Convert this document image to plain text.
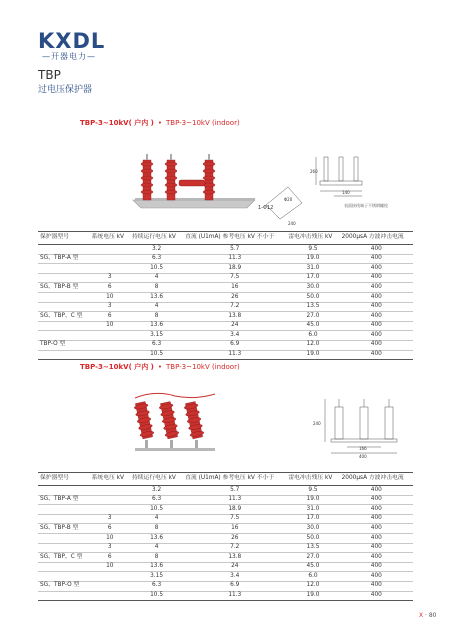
KXDL
—开器电力—
TBP
过电压保护器
TBP-3~10kV( 户内 ) • TBP-3~10kV (indoor)
1-Φ12
Φ20
240
260
140
表面接线端子不锈钢螺栓
保护器型号	系统电压 kV	持续运行电压 kV	直流 (U1mA) 参考电压 kV 不小于	雷电冲击残压 kV	2000μsA 方波冲击电流
		3.2	5.7	9.5	400
SG、TBP-A 型		6.3	11.3	19.0	400
		10.5	18.9	31.0	400
	3	4	7.5	17.0	400
SG、TBP-B 型	6	8	16	30.0	400
	10	13.6	26	50.0	400
	3	4	7.2	13.5	400
SG、TBP、C 型	6	8	13.8	27.0	400
	10	13.6	24	45.0	400
		3.15	3.4	6.0	400
TBP-O 型		6.3	6.9	12.0	400
		10.5	11.3	19.0	400
TBP-3~10kV( 户内 ) • TBP-3~10kV (indoor)
240
166
400
保护器型号	系统电压 kV	持续运行电压 kV	直流 (U1mA) 参考电压 kV 不小于	雷电冲击残压 kV	2000μsA 方波冲击电流
		3.2	5.7	9.5	400
SG、TBP-A 型		6.3	11.3	19.0	400
		10.5	18.9	31.0	400
	3	4	7.5	17.0	400
SG、TBP-B 型	6	8	16	30.0	400
	10	13.6	26	50.0	400
	3	4	7.2	13.5	400
SG、TBP、C 型	6	8	13.8	27.0	400
	10	13.6	24	45.0	400
		3.15	3.4	6.0	400
SG、TBP-O 型		6.3	6.9	12.0	400
		10.5	11.3	19.0	400
X · 80
